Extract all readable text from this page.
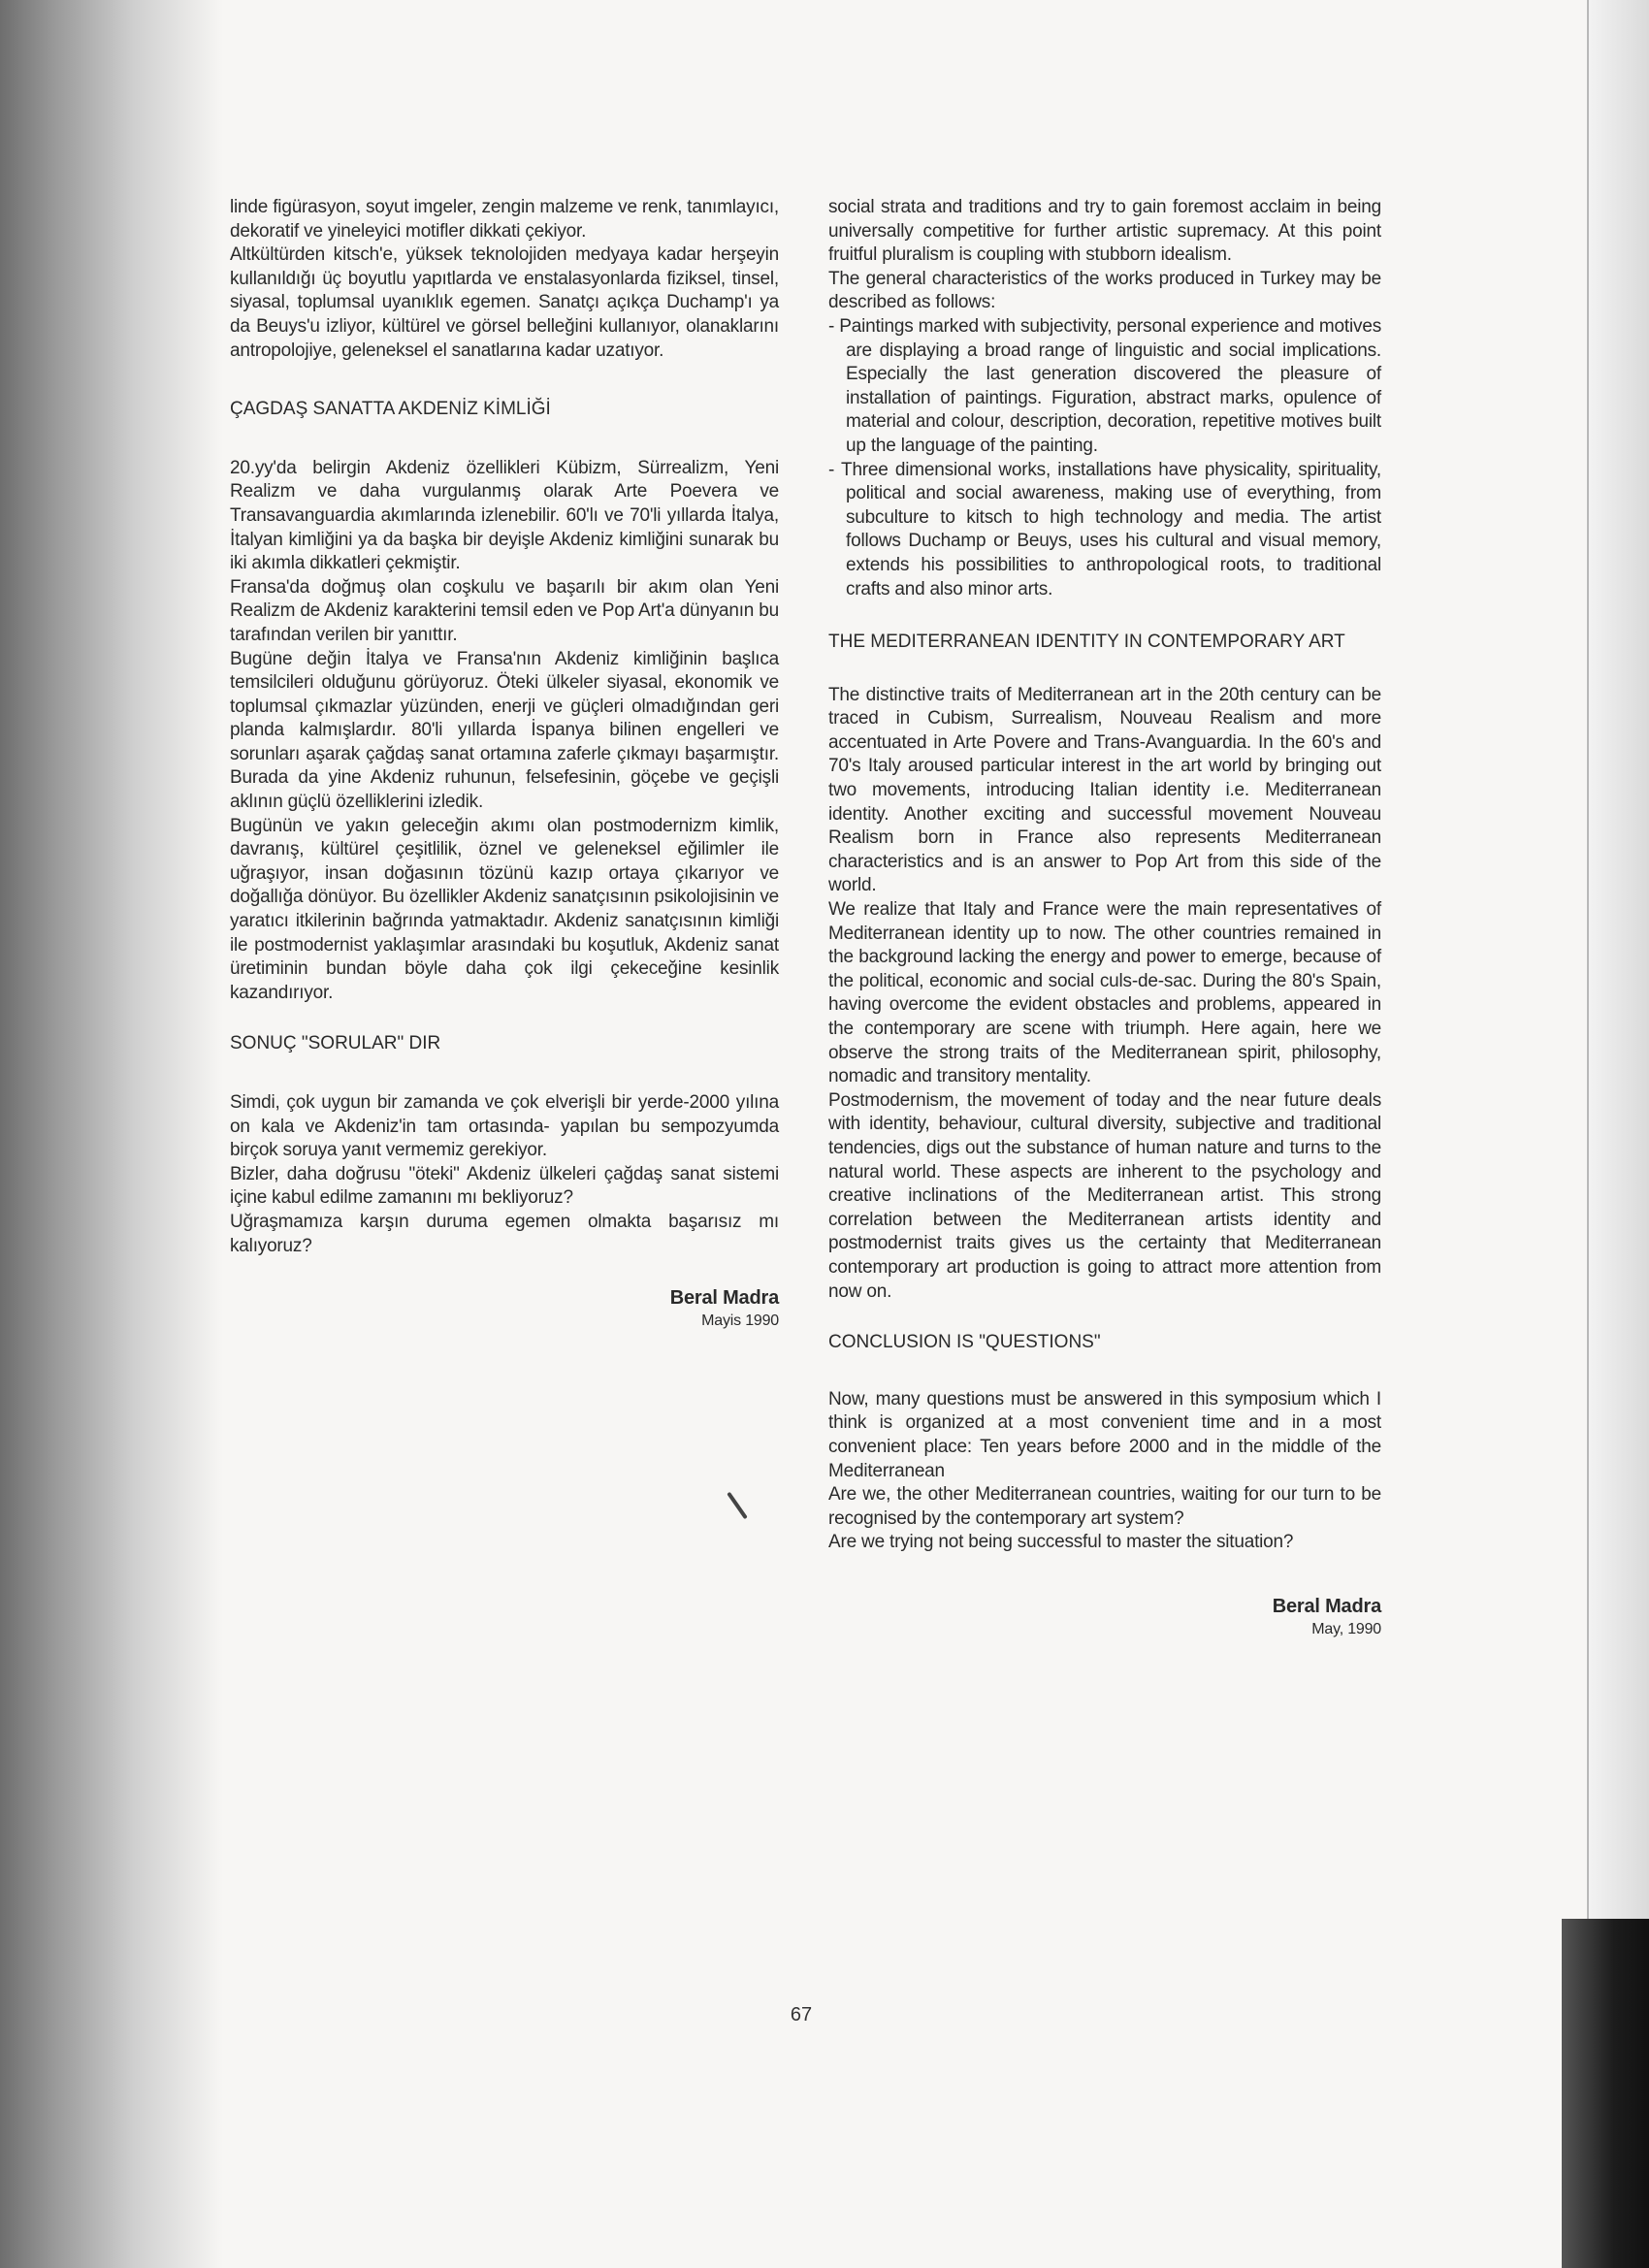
linde figürasyon, soyut imgeler, zengin malzeme ve renk, tanımlayıcı, dekoratif ve yineleyici motifler dikkati çekiyor.

Altkültürden kitsch'e, yüksek teknolojiden medyaya kadar herşeyin kullanıldığı üç boyutlu yapıtlarda ve enstalasyonlarda fiziksel, tinsel, siyasal, toplumsal uyanıklık egemen. Sanatçı açıkça Duchamp'ı ya da Beuys'u izliyor, kültürel ve görsel belleğini kullanıyor, olanaklarını antropolojiye, geleneksel el sanatlarına kadar uzatıyor.

ÇAGDAŞ SANATTA AKDENİZ KİMLİĞİ

20.yy'da belirgin Akdeniz özellikleri Kübizm, Sürrealizm, Yeni Realizm ve daha vurgulanmış olarak Arte Poevera ve Transavanguardia akımlarında izlenebilir. 60'lı ve 70'li yıllarda İtalya, İtalyan kimliğini ya da başka bir deyişle Akdeniz kimliğini sunarak bu iki akımla dikkatleri çekmiştir.

Fransa'da doğmuş olan coşkulu ve başarılı bir akım olan Yeni Realizm de Akdeniz karakterini temsil eden ve Pop Art'a dünyanın bu tarafından verilen bir yanıttır.

Bugüne değin İtalya ve Fransa'nın Akdeniz kimliğinin başlıca temsilcileri olduğunu görüyoruz. Öteki ülkeler siyasal, ekonomik ve toplumsal çıkmazlar yüzünden, enerji ve güçleri olmadığından geri planda kalmışlardır. 80'li yıllarda İspanya bilinen engelleri ve sorunları aşarak çağdaş sanat ortamına zaferle çıkmayı başarmıştır. Burada da yine Akdeniz ruhunun, felsefesinin, göçebe ve geçişli aklının güçlü özelliklerini izledik.

Bugünün ve yakın geleceğin akımı olan postmodernizm kimlik, davranış, kültürel çeşitlilik, öznel ve geleneksel eğilimler ile uğraşıyor, insan doğasının tözünü kazıp ortaya çıkarıyor ve doğallığa dönüyor. Bu özellikler Akdeniz sanatçısının psikolojisinin ve yaratıcı itkilerinin bağrında yatmaktadır. Akdeniz sanatçısının kimliği ile postmodernist yaklaşımlar arasındaki bu koşutluk, Akdeniz sanat üretiminin bundan böyle daha çok ilgi çekeceğine kesinlik kazandırıyor.

SONUÇ "SORULAR" DIR

Simdi, çok uygun bir zamanda ve çok elverişli bir yerde-2000 yılına on kala ve Akdeniz'in tam ortasında- yapılan bu sempozyumda birçok soruya yanıt vermemiz gerekiyor.

Bizler, daha doğrusu "öteki" Akdeniz ülkeleri çağdaş sanat sistemi içine kabul edilme zamanını mı bekliyoruz?

Uğraşmamıza karşın duruma egemen olmakta başarısız mı kalıyoruz?

Beral Madra
Mayis 1990

social strata and traditions and try to gain foremost acclaim in being universally competitive for further artistic supremacy. At this point fruitful pluralism is coupling with stubborn idealism.

The general characteristics of the works produced in Turkey may be described as follows:

- Paintings marked with subjectivity, personal experience and motives are displaying a broad range of linguistic and social implications. Especially the last generation discovered the pleasure of installation of paintings. Figuration, abstract marks, opulence of material and colour, description, decoration, repetitive motives built up the language of the painting.

- Three dimensional works, installations have physicality, spirituality, political and social awareness, making use of everything, from subculture to kitsch to high technology and media. The artist follows Duchamp or Beuys, uses his cultural and visual memory, extends his possibilities to anthropological roots, to traditional crafts and also minor arts.

THE MEDITERRANEAN IDENTITY IN CONTEMPORARY ART

The distinctive traits of Mediterranean art in the 20th century can be traced in Cubism, Surrealism, Nouveau Realism and more accentuated in Arte Povere and Trans-Avanguardia. In the 60's and 70's Italy aroused particular interest in the art world by bringing out two movements, introducing Italian identity i.e. Mediterranean identity. Another exciting and successful movement Nouveau Realism born in France also represents Mediterranean characteristics and is an answer to Pop Art from this side of the world.

We realize that Italy and France were the main representatives of Mediterranean identity up to now. The other countries remained in the background lacking the energy and power to emerge, because of the political, economic and social culs-de-sac. During the 80's Spain, having overcome the evident obstacles and problems, appeared in the contemporary are scene with triumph. Here again, here we observe the strong traits of the Mediterranean spirit, philosophy, nomadic and transitory mentality.

Postmodernism, the movement of today and the near future deals with identity, behaviour, cultural diversity, subjective and traditional tendencies, digs out the substance of human nature and turns to the natural world. These aspects are inherent to the psychology and creative inclinations of the Mediterranean artist. This strong correlation between the Mediterranean artists identity and postmodernist traits gives us the certainty that Mediterranean contemporary art production is going to attract more attention from now on.

CONCLUSION IS "QUESTIONS"

Now, many questions must be answered in this symposium which I think is organized at a most convenient time and in a most convenient place: Ten years before 2000 and in the middle of the Mediterranean

Are we, the other Mediterranean countries, waiting for our turn to be recognised by the contemporary art system?

Are we trying not being successful to master the situation?

Beral Madra
May, 1990
67
